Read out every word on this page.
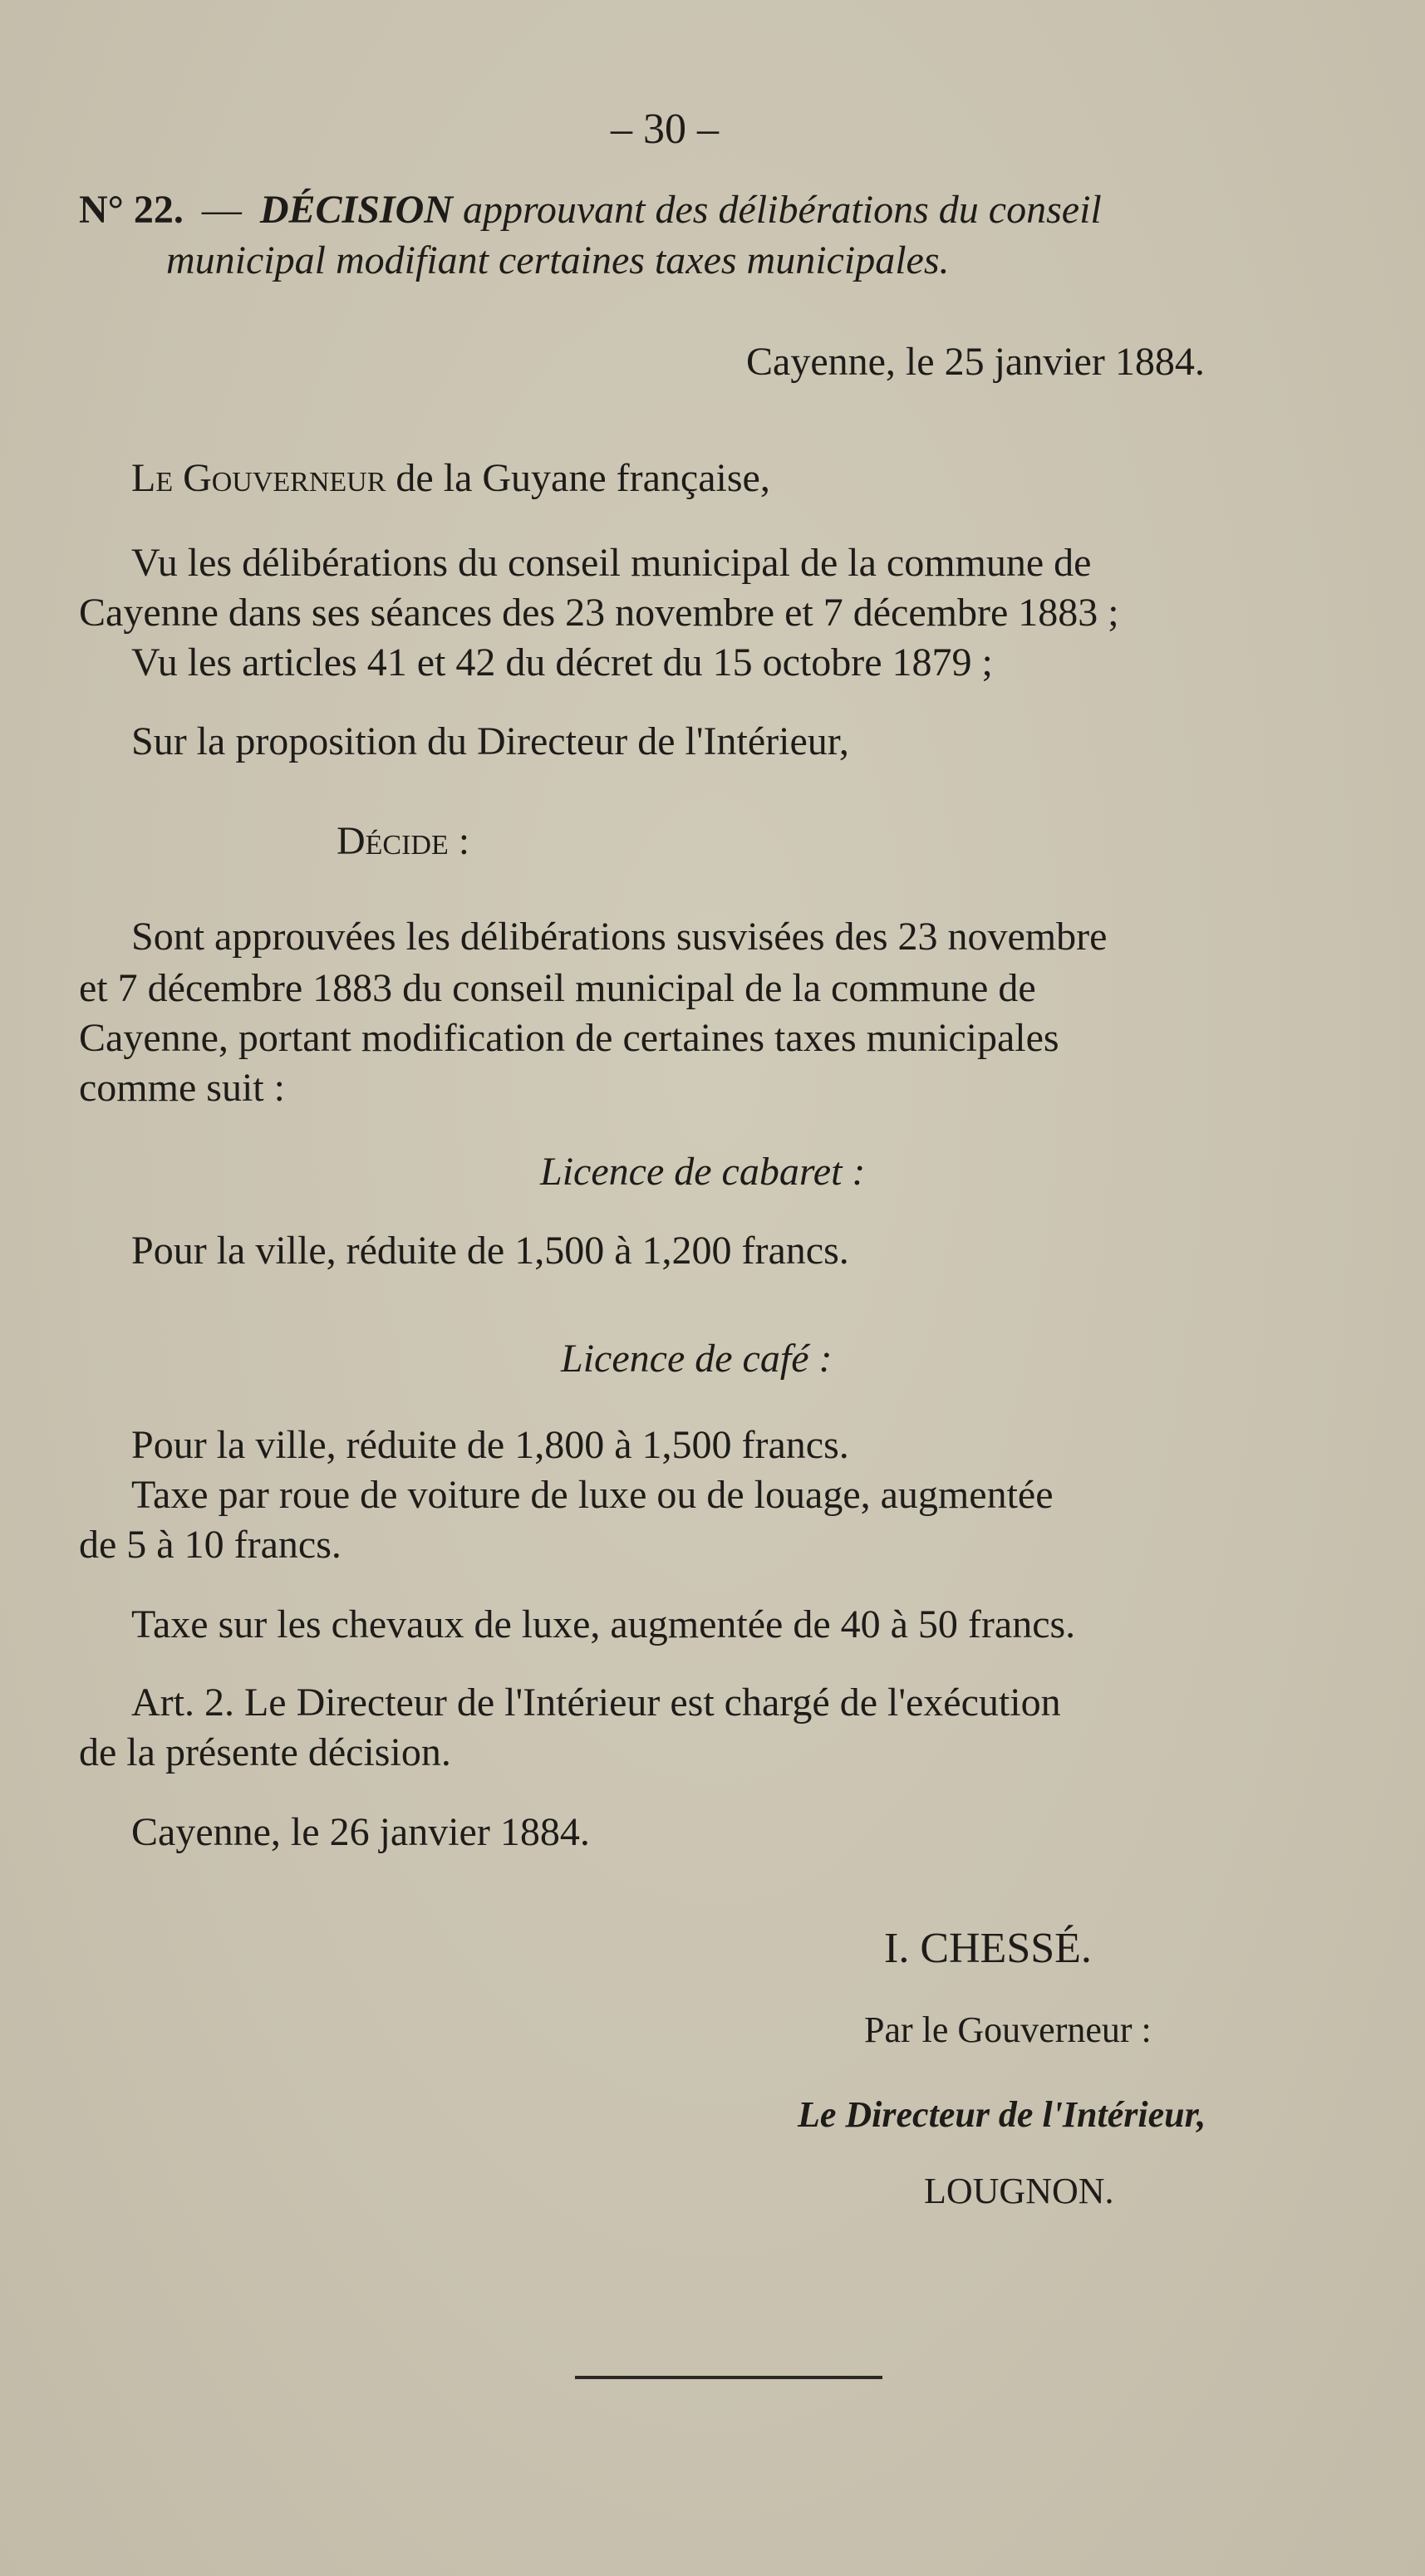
– 30 –
N° 22. — DÉCISION approuvant des délibérations du conseil
municipal modifiant certaines taxes municipales.
Cayenne, le 25 janvier 1884.
Le Gouverneur de la Guyane française,
Vu les délibérations du conseil municipal de la commune de
Cayenne dans ses séances des 23 novembre et 7 décembre 1883 ;
Vu les articles 41 et 42 du décret du 15 octobre 1879 ;
Sur la proposition du Directeur de l'Intérieur,
Décide :
Sont approuvées les délibérations susvisées des 23 novembre
et 7 décembre 1883 du conseil municipal de la commune de
Cayenne, portant modification de certaines taxes municipales
comme suit :
Licence de cabaret :
Pour la ville, réduite de 1,500 à 1,200 francs.
Licence de café :
Pour la ville, réduite de 1,800 à 1,500 francs.
Taxe par roue de voiture de luxe ou de louage, augmentée
de 5 à 10 francs.
Taxe sur les chevaux de luxe, augmentée de 40 à 50 francs.
Art. 2. Le Directeur de l'Intérieur est chargé de l'exécution
de la présente décision.
Cayenne, le 26 janvier 1884.
I. CHESSÉ.
Par le Gouverneur :
Le Directeur de l'Intérieur,
LOUGNON.
